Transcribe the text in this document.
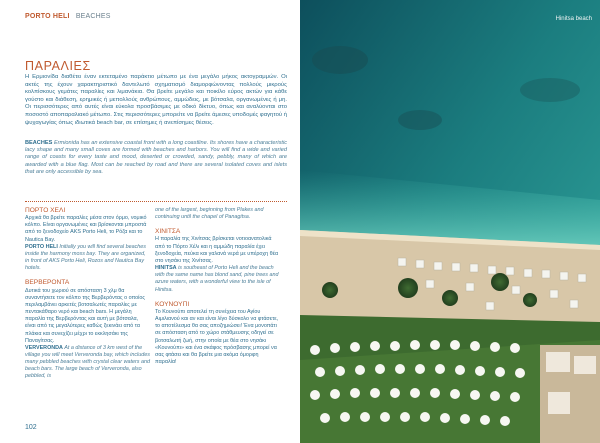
PORTO HELI BEACHES
ΠΑΡΑΛΙΕΣ

Η Ερμιονίδα διαθέτει έναν εκτεταμένο παράκτιο μέτωπο με ένα μεγάλο μήκος ακτογραμμών. Οι ακτές της έχουν χαρακτηριστικό δαντελωτό σχηματισμό διαμορφώνοντας πολλούς μικρούς κολπίσκους γεμάτες παραλίες και λιμανάκια. Θα βρείτε μεγάλο και ποικίλο εύρος ακτών για κάθε γούστο και διάθεση, ερημικές ή μεπολλούς ανθρώπους, αμμώδεις, με βότσαλα, οργανωμένες ή μη. Οι περισσότερες από αυτές είναι εύκολα προσβάσιμες με οδικό δίκτυο, όπως και αναλύονται στο ποσοστό αποπαραλιακό μέτωπο. Στις περισσότερες μπορείτε να βρείτε άμεσες υποδομές φαγητού ή ψυχαγωγίας όπως ιδιωτικά beach bar, σε επίσημες ή ανεπίσημες θέσεις.

BEACHES Ermionida has an extensive coastal front with a long coastline. Its shores have a characteristic lacy shape and many small coves are formed with beaches and harbors. You will find a wide and varied range of coasts for every taste and mood, deserted or crowded, sandy, pebbly, many of which are awarded with a blue flag. Most can be reached by road and there are several isolated coves and islets that are only accessible by sea.

ΠΟΡΤΟ ΧΕΛΙ
Αρχικά θα βρείτε παραλίες μέσα στον όρμο, νομικό κόλπο. Είναι οργανωμένες και βρίσκονται μπροστά από το ξενοδοχείο AKS Porto Heli, το Ρόζα και το Nautica Bay.
PORTO HELI Initially you will find several beaches inside the harmony moss bay. They are organized, in front of AKS Porto Heli, Rozos and Nautica Bay hotels.
ΒΕΡΒΕΡΟΝΤΑ
Δυτικά του χωριού σε απόσταση 3 χλμ θα συναντήσετε τον κόλπο της Βερβερόντας ο οποίος περιλαμβάνει αρκετές βοτσαλωτές παραλίες με πεντακάθαρο νερό και beach bars. Η μεγάλη παραλία της Βερβερόντας και αυτή με βότσαλα, είναι από τις μεγαλύτερες καθώς ξεκινάει από τα πλάκια και συνεχίζει μέχρι το εκκλησάκι της Παναγίτσας.
VERVERONDA At a distance of 3 km west of the village you will meet Ververonda bay, which includes many pebbled beaches with crystal clear waters and beach bars. The large beach of Ververonda, also pebbled, is
one of the largest, beginning from Plakes and continuing until the chapel of Panagitsa.
ΧΙΝΙΤΣΑ
Η παραλία της Χινίτσας βρίσκεται νοτιοανατολικά από το Πόρτο Χέλι και η αμμώδη παραλία έχει ξενοδοχεία, πεύκα και γαλανά νερά με υπέροχη θέα στο νησάκι της Χινίτσας.
HINITSA is southeast of Porto Heli and the beach with the same name has blond sand, pine trees and azure waters, with a wonderful view to the isle of Hinitsa.
ΚΟΥΝΟΥΠΙ
Το Κουνούπι αποτελεί τη συνέχεια του Αγίου Αιμιλιανού και αν και είναι λίγο δύσκολο να φτάσετε, το αποτέλεσμα θα σας αποζημιώσει! Ένα μονοπάτι σε απόσταση από το χώρο στάθμευσης οδηγεί σε βοτσαλωτή ζωή, στην οποία με θέα στο νησάκι «Κουνούπι» και ένα σκάφος πρόσβασης μπορεί να σας φτάσει και θα βρείτε μια ακόμα όμορφη παραλία!
102
Hinitsa beach
